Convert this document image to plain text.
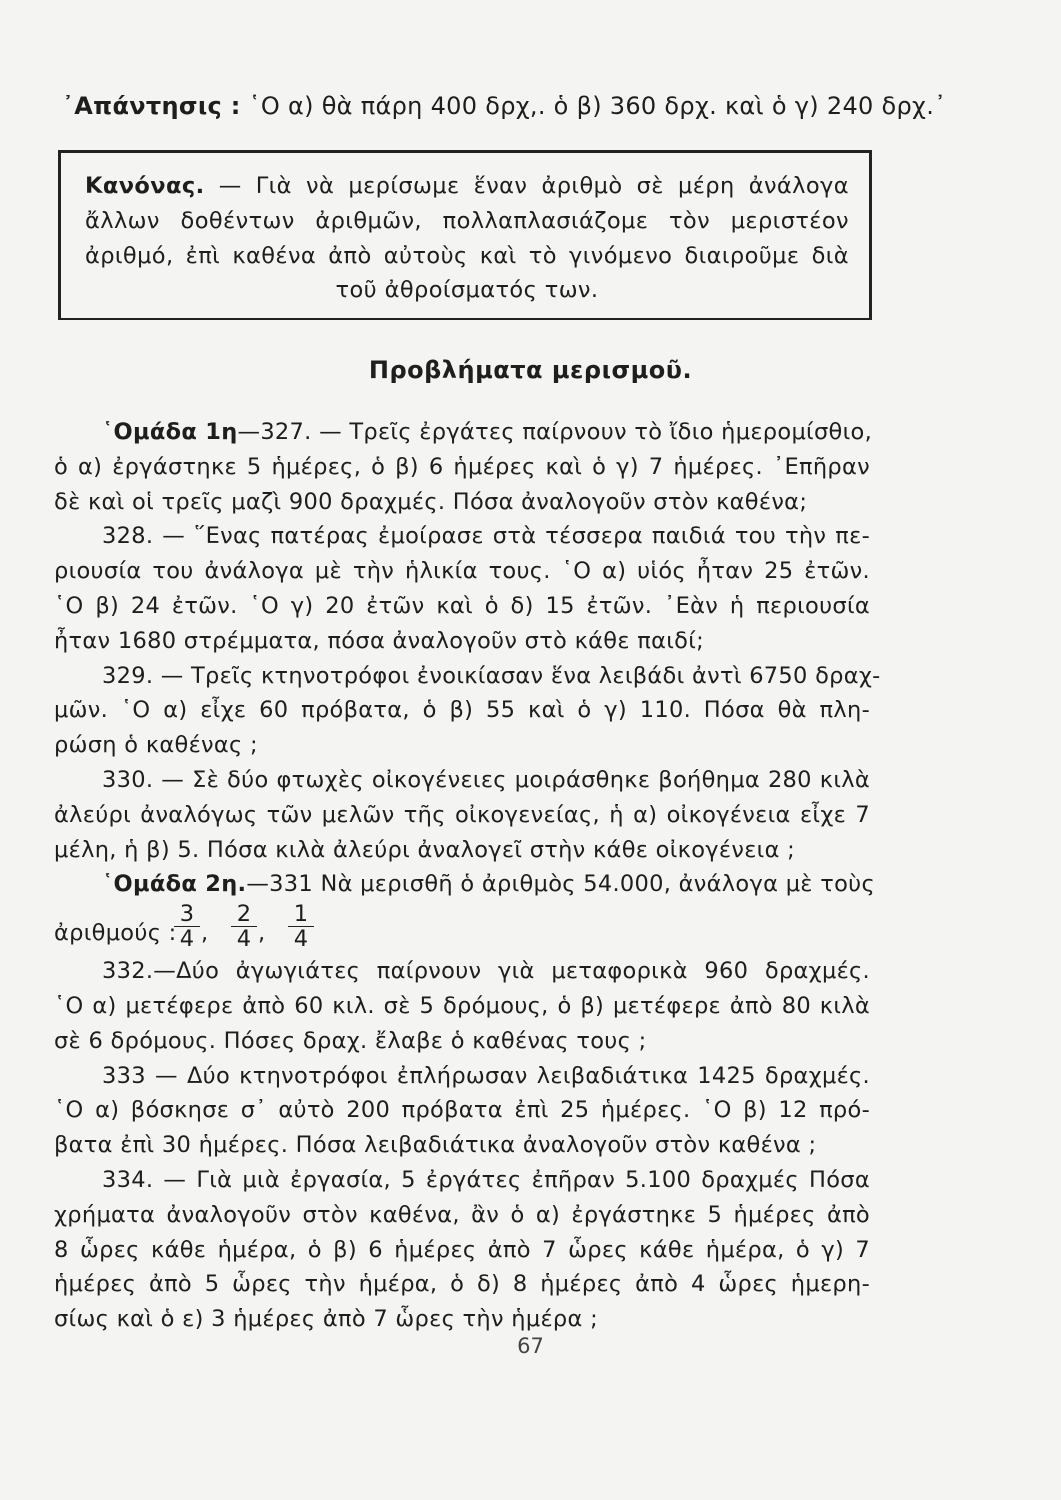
᾿Απάντησις : ῾Ο α) θὰ πάρη 400 δρχ,. ὁ β) 360 δρχ. καὶ ὁ γ) 240 δρχ.᾿
Κανόνας. — Γιὰ νὰ μερίσωμε ἕναν ἀριθμὸ σὲ μέρη ἀνάλογα
ἄλλων δοθέντων ἀριθμῶν, πολλαπλασιάζομε τὸν μεριστέον
ἀριθμό, ἐπὶ καθένα ἀπὸ αὐτοὺς καὶ τὸ γινόμενο διαιροῦμε διὰ
τοῦ ἀθροίσματός των.
Προβλήματα μερισμοῦ.
῾Ομάδα 1η—327. — Τρεῖς ἐργάτες παίρνουν τὸ ἴδιο ἡμερομίσθιο,
ὁ α) ἐργάστηκε 5 ἡμέρες, ὁ β) 6 ἡμέρες καὶ ὁ γ) 7 ἡμέρες. ᾿Επῆραν
δὲ καὶ οἱ τρεῖς μαζὶ 900 δραχμές. Πόσα ἀναλογοῦν στὸν καθένα;
328. — ῞Ενας πατέρας ἐμοίρασε στὰ τέσσερα παιδιά του τὴν πε-
ριουσία του ἀνάλογα μὲ τὴν ἡλικία τους. ῾Ο α) υἱός ἦταν 25 ἐτῶν.
῾Ο β) 24 ἐτῶν. ῾Ο γ) 20 ἐτῶν καὶ ὁ δ) 15 ἐτῶν. ᾿Εὰν ἡ περιουσία
ἦταν 1680 στρέμματα, πόσα ἀναλογοῦν στὸ κάθε παιδί;
329. — Τρεῖς κτηνοτρόφοι ἐνοικίασαν ἕνα λειβάδι ἀντὶ 6750 δραχ-
μῶν. ῾Ο α) εἶχε 60 πρόβατα, ὁ β) 55 καὶ ὁ γ) 110. Πόσα θὰ πλη-
ρώση ὁ καθένας ;
330. — Σὲ δύο φτωχὲς οἰκογένειες μοιράσθηκε βοήθημα 280 κιλὰ
ἀλεύρι ἀναλόγως τῶν μελῶν τῆς οἰκογενείας, ἡ α) οἰκογένεια εἶχε 7
μέλη, ἡ β) 5. Πόσα κιλὰ ἀλεύρι ἀναλογεῖ στὴν κάθε οἰκογένεια ;
῾Ομάδα 2η.—331 Νὰ μερισθῆ ὁ ἀριθμὸς 54.000, ἀνάλογα μὲ τοὺς
ἀριθμούς :
$\frac{3}{4}$ , $\frac{2}{4}$ , $\frac{1}{4}$
332.—Δύο ἀγωγιάτες παίρνουν γιὰ μεταφορικὰ 960 δραχμές.
῾Ο α) μετέφερε ἀπὸ 60 κιλ. σὲ 5 δρόμους, ὁ β) μετέφερε ἀπὸ 80 κιλὰ
σὲ 6 δρόμους. Πόσες δραχ. ἔλαβε ὁ καθένας τους ;
333 — Δύο κτηνοτρόφοι ἐπλήρωσαν λειβαδιάτικα 1425 δραχμές.
῾Ο α) βόσκησε σ᾿ αὐτὸ 200 πρόβατα ἐπὶ 25 ἡμέρες. ῾Ο β) 12 πρό-
βατα ἐπὶ 30 ἡμέρες. Πόσα λειβαδιάτικα ἀναλογοῦν στὸν καθένα ;
334. — Γιὰ μιὰ ἐργασία, 5 ἐργάτες ἐπῆραν 5.100 δραχμές Πόσα
χρήματα ἀναλογοῦν στὸν καθένα, ἂν ὁ α) ἐργάστηκε 5 ἡμέρες ἀπὸ
8 ὧρες κάθε ἡμέρα, ὁ β) 6 ἡμέρες ἀπὸ 7 ὧρες κάθε ἡμέρα, ὁ γ) 7
ἡμέρες ἀπὸ 5 ὧρες τὴν ἡμέρα, ὁ δ) 8 ἡμέρες ἀπὸ 4 ὧρες ἡμερη-
σίως καὶ ὁ ε) 3 ἡμέρες ἀπὸ 7 ὧρες τὴν ἡμέρα ;
67
